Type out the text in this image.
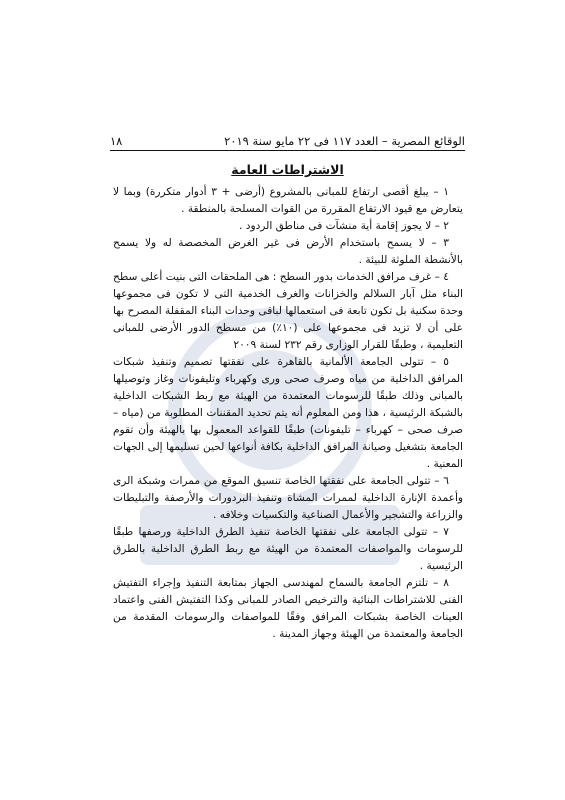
الوقائع المصرية – العدد ١١٧ فى ٢٢ مايو سنة ٢٠١٩
١٨
الاشتراطات العامة

١ – يبلغ أقصى ارتفاع للمبانى بالمشروع (أرضى + ٣ أدوار متكررة) وبما لا يتعارض مع قيود الارتفاع المقررة من القوات المسلحة بالمنطقة .

٢ – لا يجوز إقامة أية منشآت فى مناطق الردود .

٣ – لا يسمح باستخدام الأرض فى غير الغرض المخصصة له ولا يسمح بالأنشطة الملوثة للبيئة .

٤ – غرف مرافق الخدمات بدور السطح : هى الملحقات التى بنيت أعلى سطح البناء مثل آبار السلالم والخزانات والغرف الخدمية التى لا تكون فى مجموعها وحدة سكنية بل تكون تابعة فى استعمالها لباقى وحدات البناء المقفلة المصرح بها على أن لا تزيد فى مجموعها على (١٠٪) من مسطح الدور الأرضى للمبانى التعليمية ، وطبقًا للقرار الوزارى رقم ٢٣٢ لسنة ٢٠٠٩

٥ – تتولى الجامعة الألمانية بالقاهرة على نفقتها تصميم وتنفيذ شبكات المرافق الداخلية من مياه وصرف صحى ورى وكهرباء وتليفونات وغاز وتوصيلها بالمبانى وذلك طبقًا للرسومات المعتمدة من الهيئة مع ربط الشبكات الداخلية بالشبكة الرئيسية ، هذا ومن المعلوم أنه يتم تحديد المقننات المطلوبة من (مياه – صرف صحى – كهرباء – تليفونات) طبقًا للقواعد المعمول بها بالهيئة وأن تقوم الجامعة بتشغيل وصيانة المرافق الداخلية بكافة أنواعها لحين تسليمها إلى الجهات المعنية .

٦ – تتولى الجامعة على نفقتها الخاصة تنسيق الموقع من ممرات وشبكة الرى وأعمدة الإنارة الداخلية لممرات المشاة وتنفيذ البردورات والأرصفة والتبليطات والزراعة والتشجير والأعمال الصناعية والتكسيات وخلافه .

٧ – تتولى الجامعة على نفقتها الخاصة تنفيذ الطرق الداخلية ورصفها طبقًا للرسومات والمواصفات المعتمدة من الهيئة مع ربط الطرق الداخلية بالطرق الرئيسية .

٨ – تلتزم الجامعة بالسماح لمهندسى الجهاز بمتابعة التنفيذ وإجراء التفتيش الفنى للاشتراطات البنائية والترخيص الصادر للمبانى وكذا التفتيش الفنى واعتماد العينات الخاصة بشبكات المرافق وفقًا للمواصفات والرسومات المقدمة من الجامعة والمعتمدة من الهيئة وجهاز المدينة .
